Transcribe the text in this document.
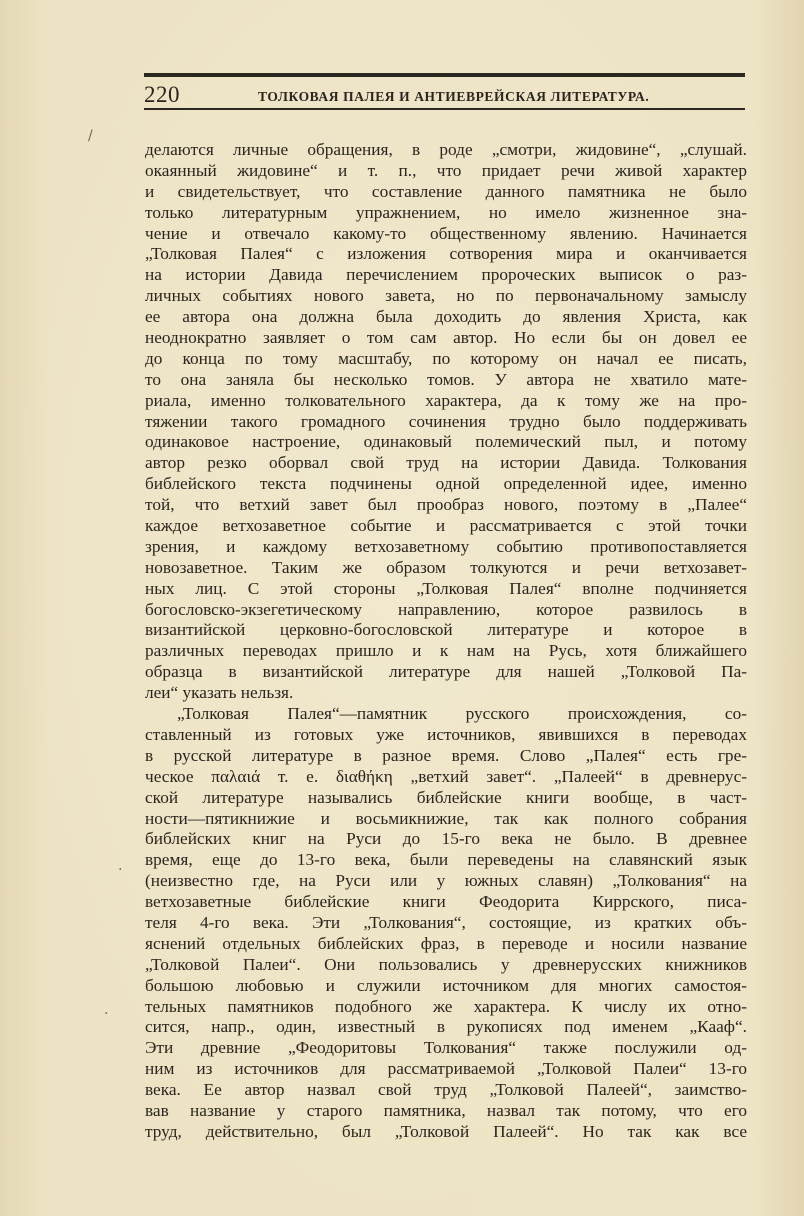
220	ТОЛКОВАЯ ПАЛЕЯ И АНТИЕВРЕЙСКАЯ ЛИТЕРАТУРА.
делаются личные обращения, в роде „смотри, жидовине“, „слушай.
окаянный жидовине“ и т. п., что придает речи живой характер
и свидетельствует, что составление данного памятника не было
только литературным упражнением, но имело жизненное зна-
чение и отвечало какому-то общественному явлению. Начинается
„Толковая Палея“ с изложения сотворения мира и оканчивается
на истории Давида перечислением пророческих выписок о раз-
личных событиях нового завета, но по первоначальному замыслу
ее автора она должна была доходить до явления Христа, как
неоднократно заявляет о том сам автор. Но если бы он довел ее
до конца по тому масштабу, по которому он начал ее писать,
то она заняла бы несколько томов. У автора не хватило мате-
риала, именно толковательного характера, да к тому же на про-
тяжении такого громадного сочинения трудно было поддерживать
одинаковое настроение, одинаковый полемический пыл, и потому
автор резко оборвал свой труд на истории Давида. Толкования
библейского текста подчинены одной определенной идее, именно
той, что ветхий завет был прообраз нового, поэтому в „Палее“
каждое ветхозаветное событие и рассматривается с этой точки
зрения, и каждому ветхозаветному событию противопоставляется
новозаветное. Таким же образом толкуются и речи ветхозавет-
ных лиц. С этой стороны „Толковая Палея“ вполне подчиняется
богословско-экзегетическому направлению, которое развилось в
византийской церковно-богословской литературе и которое в
различных переводах пришло и к нам на Русь, хотя ближайшего
образца в византийской литературе для нашей „Толковой Па-
леи“ указать нельзя.
„Толковая Палея“—памятник русского происхождения, со-
ставленный из готовых уже источников, явившихся в переводах
в русской литературе в разное время. Слово „Палея“ есть гре-
ческое παλαιά т. е. διαθήκη „ветхий завет“. „Палеей“ в древнерус-
ской литературе назывались библейские книги вообще, в част-
ности—пятикнижие и восьмикнижие, так как полного собрания
библейских книг на Руси до 15-го века не было. В древнее
время, еще до 13-го века, были переведены на славянский язык
(неизвестно где, на Руси или у южных славян) „Толкования“ на
ветхозаветные библейские книги Феодорита Киррского, писа-
теля 4-го века. Эти „Толкования“, состоящие, из кратких объ-
яснений отдельных библейских фраз, в переводе и носили название
„Толковой Палеи“. Они пользовались у древнерусских книжников
большою любовью и служили источником для многих самостоя-
тельных памятников подобного же характера. К числу их отно-
сится, напр., один, известный в рукописях под именем „Кааф“.
Эти древние „Феодоритовы Толкования“ также послужили од-
ним из источников для рассматриваемой „Толковой Палеи“ 13-го
века. Ее автор назвал свой труд „Толковой Палеей“, заимство-
вав название у старого памятника, назвал так потому, что его
труд, действительно, был „Толковой Палеей“. Но так как все
/
·
·
